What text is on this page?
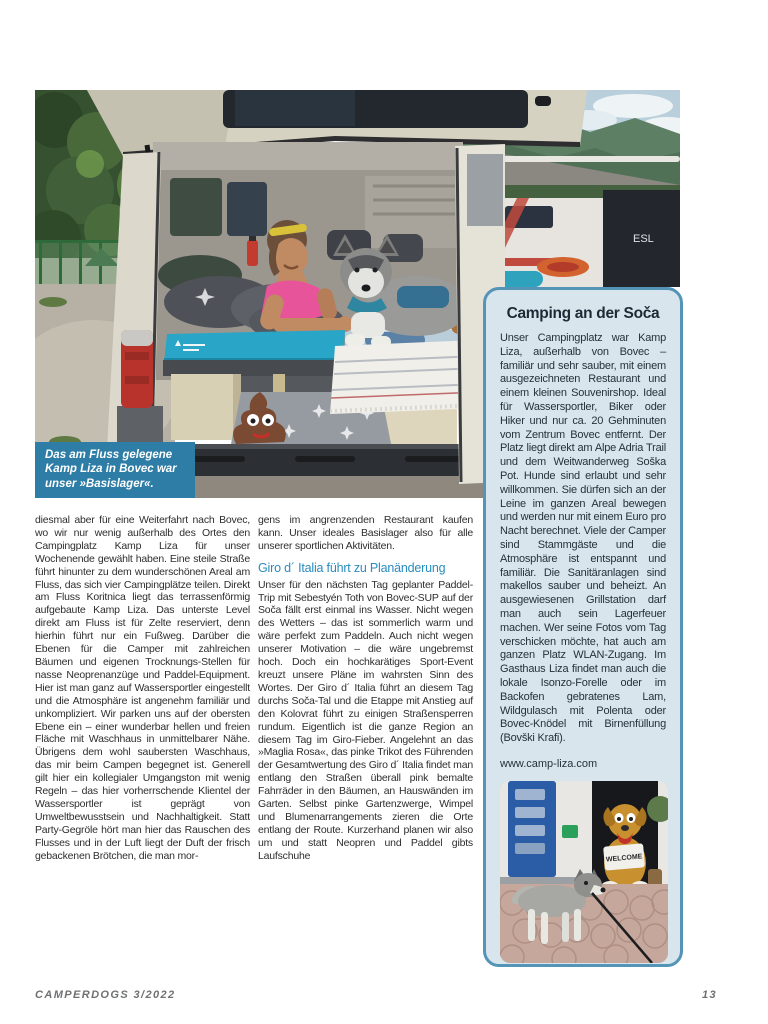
ESL
Das am Fluss gelegene Kamp Liza in Bovec war unser »Basislager«.

diesmal aber für eine Weiterfahrt nach Bovec, wo wir nur wenig außerhalb des Ortes den Campingplatz Kamp Liza für unser Wochenende gewählt haben. Eine steile Straße führt hinunter zu dem wunderschönen Areal am Fluss, das sich vier Campingplätze teilen. Direkt am Fluss Koritnica liegt das terrassenförmig aufgebaute Kamp Liza. Das unterste Level direkt am Fluss ist für Zelte reserviert, denn hierhin führt nur ein Fußweg. Darüber die Ebenen für die Camper mit zahlreichen Bäumen und eigenen Trocknungs-Stellen für nasse Neoprenanzüge und Paddel-Equipment. Hier ist man ganz auf Wassersportler eingestellt und die Atmosphäre ist angenehm familiär und unkompliziert. Wir parken uns auf der obersten Ebene ein – einer wunderbar hellen und freien Fläche mit Waschhaus in unmittelbarer Nähe. Übrigens dem wohl saubersten Waschhaus, das mir beim Campen begegnet ist. Generell gilt hier ein kollegialer Umgangston mit wenig Regeln – das hier vorherrschende Klientel der Wassersportler ist geprägt von Umweltbewusstsein und Nachhaltigkeit. Statt Party-Gegröle hört man hier das Rauschen des Flusses und in der Luft liegt der Duft der frisch gebackenen Brötchen, die man mor-

gens im angrenzenden Restaurant kaufen kann. Unser ideales Basislager also für alle unserer sportlichen Aktivitäten.

Giro d´ Italia führt zu Planänderung

Unser für den nächsten Tag geplanter Paddel-Trip mit Sebestyén Toth von Bovec-SUP auf der Soča fällt erst einmal ins Wasser. Nicht wegen des Wetters – das ist sommerlich warm und wäre perfekt zum Paddeln. Auch nicht wegen unserer Motivation – die wäre ungebremst hoch. Doch ein hochkarätiges Sport-Event kreuzt unsere Pläne im wahrsten Sinn des Wortes. Der Giro d´ Italia führt an diesem Tag durchs Soča-Tal und die Etappe mit Anstieg auf den Kolovrat führt zu einigen Straßensperren rundum. Eigentlich ist die ganze Region an diesem Tag im Giro-Fieber. Angelehnt an das »Maglia Rosa«, das pinke Trikot des Führenden der Gesamtwertung des Giro d´ Italia findet man entlang den Straßen überall pink bemalte Fahrräder in den Bäumen, an Hauswänden im Garten. Selbst pinke Gartenzwerge, Wimpel und Blumenarrangements zieren die Orte entlang der Route. Kurzerhand planen wir also um und statt Neopren und Paddel gibts Laufschuhe

Camping an der Soča

Unser Campingplatz war Kamp Liza, außerhalb von Bovec – familiär und sehr sauber, mit einem ausgezeichneten Restaurant und einem kleinen Souvenirshop. Ideal für Wassersportler, Biker oder Hiker und nur ca. 20 Gehminuten vom Zentrum Bovec entfernt. Der Platz liegt direkt am Alpe Adria Trail und dem Weitwanderweg Soška Pot. Hunde sind erlaubt und sehr willkommen. Sie dürfen sich an der Leine im ganzen Areal bewegen und werden nur mit einem Euro pro Nacht berechnet. Viele der Camper sind Stammgäste und die Atmosphäre ist entspannt und familiär. Die Sanitäranlagen sind makellos sauber und beheizt. An ausgewiesenen Grillstation darf man auch sein Lagerfeuer machen. Wer seine Fotos vom Tag verschicken möchte, hat auch am ganzen Platz WLAN-Zugang. Im Gasthaus Liza findet man auch die lokale Isonzo-Forelle oder im Backofen gebratenes Lam, Wildgulasch mit Polenta oder Bovec-Knödel mit Birnenfüllung (Bovški Krafi).

www.camp-liza.com
WELCOME
CAMPERDOGS 3/2022	13
